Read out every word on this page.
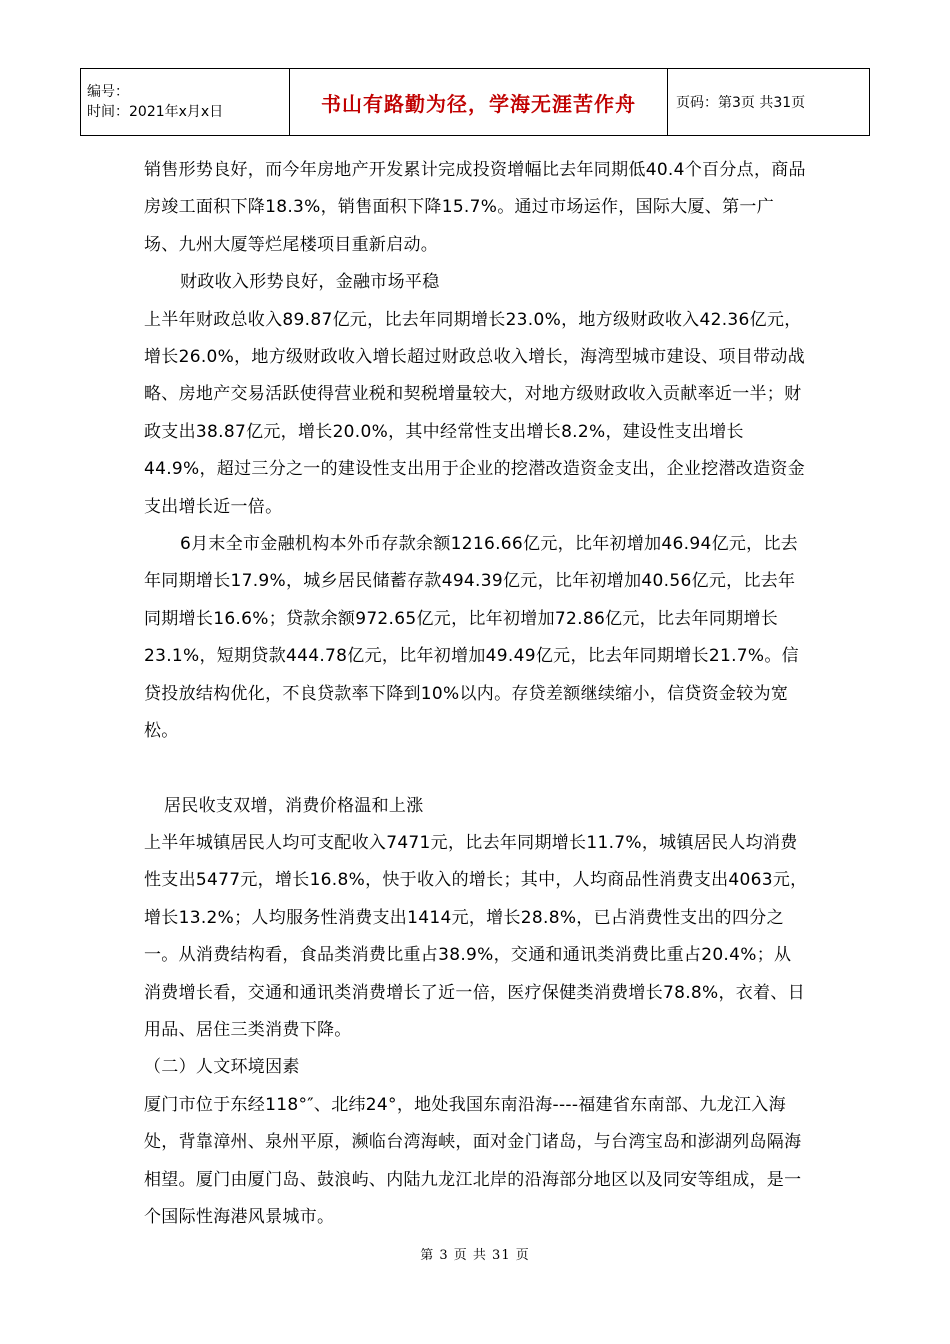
编号：
时间：2021年x月x日	书山有路勤为径，学海无涯苦作舟	页码：第3页 共31页

销售形势良好，而今年房地产开发累计完成投资增幅比去年同期低40.4个百分点，商品房竣工面积下降18.3%，销售面积下降15.7%。通过市场运作，国际大厦、第一广场、九州大厦等烂尾楼项目重新启动。

财政收入形势良好，金融市场平稳

上半年财政总收入89.87亿元，比去年同期增长23.0%，地方级财政收入42.36亿元，增长26.0%，地方级财政收入增长超过财政总收入增长，海湾型城市建设、项目带动战略、房地产交易活跃使得营业税和契税增量较大，对地方级财政收入贡献率近一半；财政支出38.87亿元，增长20.0%，其中经常性支出增长8.2%，建设性支出增长44.9%，超过三分之一的建设性支出用于企业的挖潜改造资金支出，企业挖潜改造资金支出增长近一倍。

6月末全市金融机构本外币存款余额1216.66亿元，比年初增加46.94亿元，比去年同期增长17.9%，城乡居民储蓄存款494.39亿元，比年初增加40.56亿元，比去年同期增长16.6%；贷款余额972.65亿元，比年初增加72.86亿元，比去年同期增长23.1%，短期贷款444.78亿元，比年初增加49.49亿元，比去年同期增长21.7%。信贷投放结构优化，不良贷款率下降到10%以内。存贷差额继续缩小，信贷资金较为宽松。

居民收支双增，消费价格温和上涨

上半年城镇居民人均可支配收入7471元，比去年同期增长11.7%，城镇居民人均消费性支出5477元，增长16.8%，快于收入的增长；其中，人均商品性消费支出4063元，增长13.2%；人均服务性消费支出1414元，增长28.8%，已占消费性支出的四分之一。从消费结构看，食品类消费比重占38.9%，交通和通讯类消费比重占20.4%；从消费增长看，交通和通讯类消费增长了近一倍，医疗保健类消费增长78.8%，衣着、日用品、居住三类消费下降。

（二）人文环境因素

厦门市位于东经118°″、北纬24°，地处我国东南沿海----福建省东南部、九龙江入海处，背靠漳州、泉州平原，濒临台湾海峡，面对金门诸岛，与台湾宝岛和澎湖列岛隔海相望。厦门由厦门岛、鼓浪屿、内陆九龙江北岸的沿海部分地区以及同安等组成，是一个国际性海港风景城市。

第 3 页 共 31 页
